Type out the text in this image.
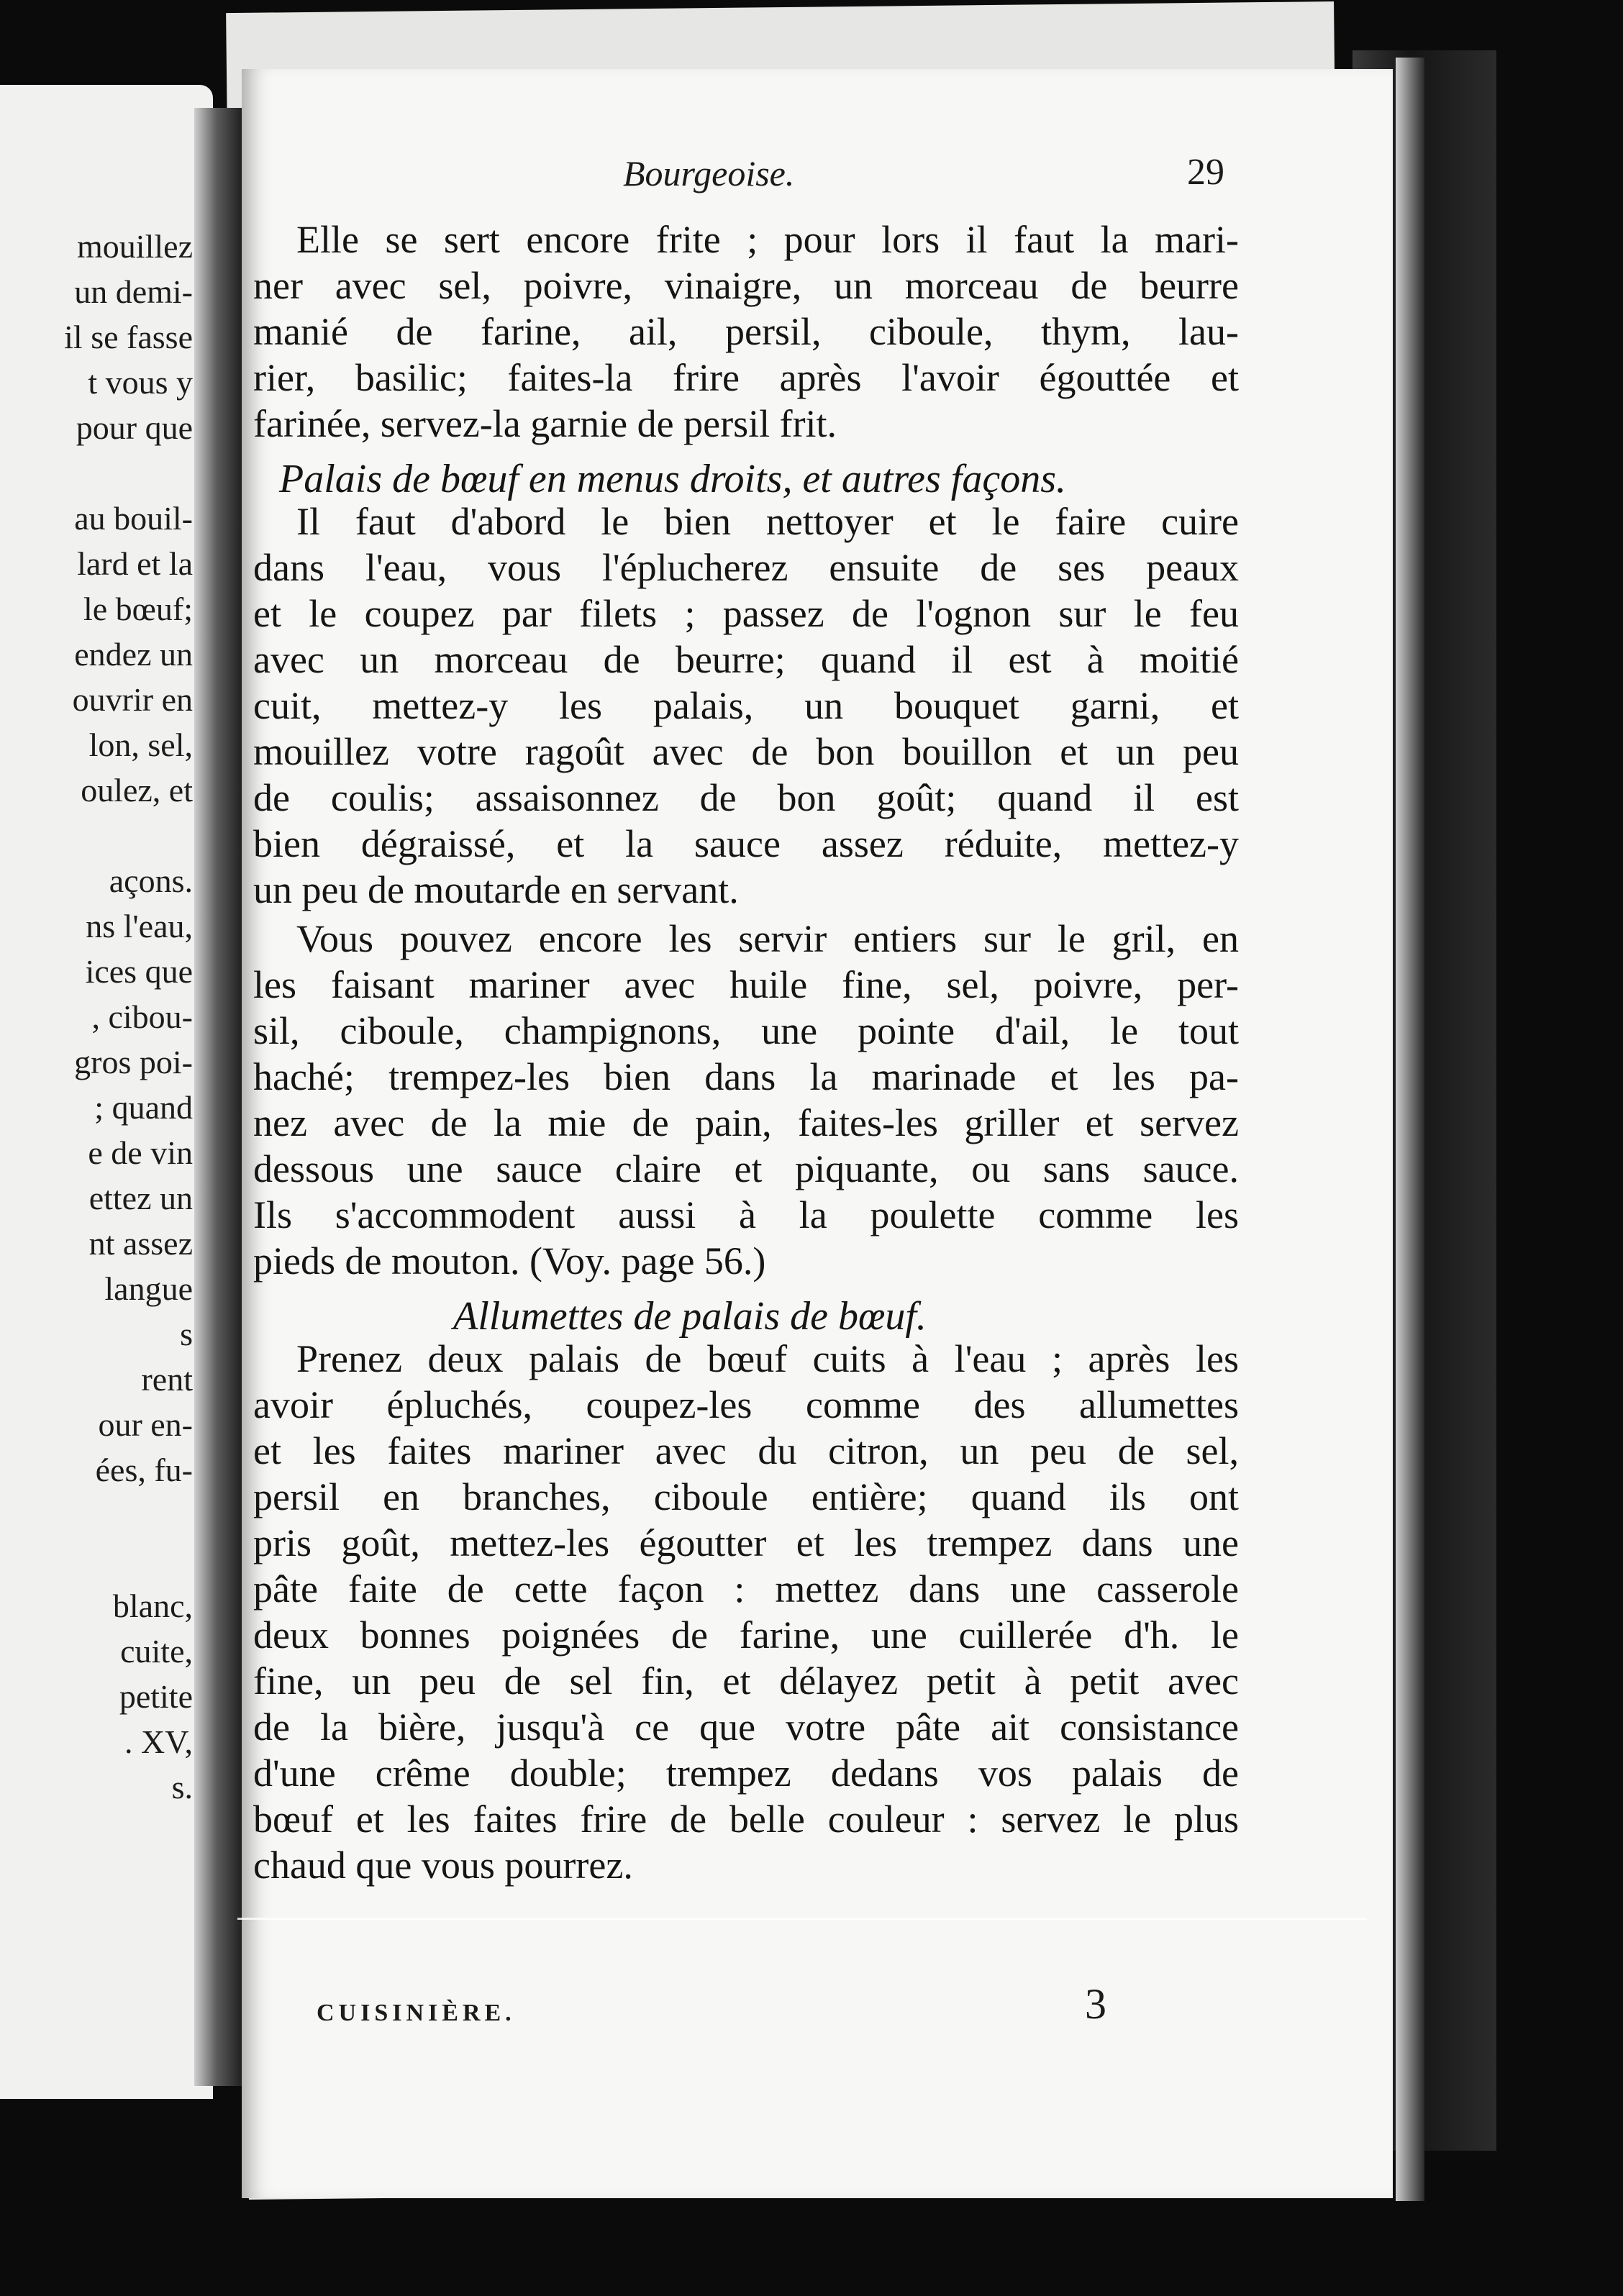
mouillez

un demi-

il se fasse

t vous y

pour que

au bouil-

lard et la

le bœuf;

endez un

ouvrir en

lon, sel,

oulez, et

açons.

ns l'eau,

ices que

, cibou-

gros poi-

; quand

e de vin

ettez un

nt assez

langue

s

rent

our en-

ées, fu-

blanc,

cuite,

petite

. XV,

s.

Bourgeoise.	29

Elle se sert encore frite ; pour lors il faut la mari-

ner avec sel, poivre, vinaigre, un morceau de beurre

manié de farine, ail, persil, ciboule, thym, lau-

rier, basilic; faites-la frire après l'avoir égouttée et

farinée, servez-la garnie de persil frit.

Palais de bœuf en menus droits, et autres façons.

Il faut d'abord le bien nettoyer et le faire cuire

dans l'eau, vous l'éplucherez ensuite de ses peaux

et le coupez par filets ; passez de l'ognon sur le feu

avec un morceau de beurre; quand il est à moitié

cuit, mettez-y les palais, un bouquet garni, et

mouillez votre ragoût avec de bon bouillon et un peu

de coulis; assaisonnez de bon goût; quand il est

bien dégraissé, et la sauce assez réduite, mettez-y

un peu de moutarde en servant.

Vous pouvez encore les servir entiers sur le gril, en

les faisant mariner avec huile fine, sel, poivre, per-

sil, ciboule, champignons, une pointe d'ail, le tout

haché; trempez-les bien dans la marinade et les pa-

nez avec de la mie de pain, faites-les griller et servez

dessous une sauce claire et piquante, ou sans sauce.

Ils s'accommodent aussi à la poulette comme les

pieds de mouton. (Voy. page 56.)

Allumettes de palais de bœuf.

Prenez deux palais de bœuf cuits à l'eau ; après les

avoir épluchés, coupez-les comme des allumettes

et les faites mariner avec du citron, un peu de sel,

persil en branches, ciboule entière; quand ils ont

pris goût, mettez-les égoutter et les trempez dans une

pâte faite de cette façon : mettez dans une casserole

deux bonnes poignées de farine, une cuillerée d'h. le

fine, un peu de sel fin, et délayez petit à petit avec

de la bière, jusqu'à ce que votre pâte ait consistance

d'une crême double; trempez dedans vos palais de

bœuf et les faites frire de belle couleur : servez le plus

chaud que vous pourrez.

CUISINIÈRE.	3
